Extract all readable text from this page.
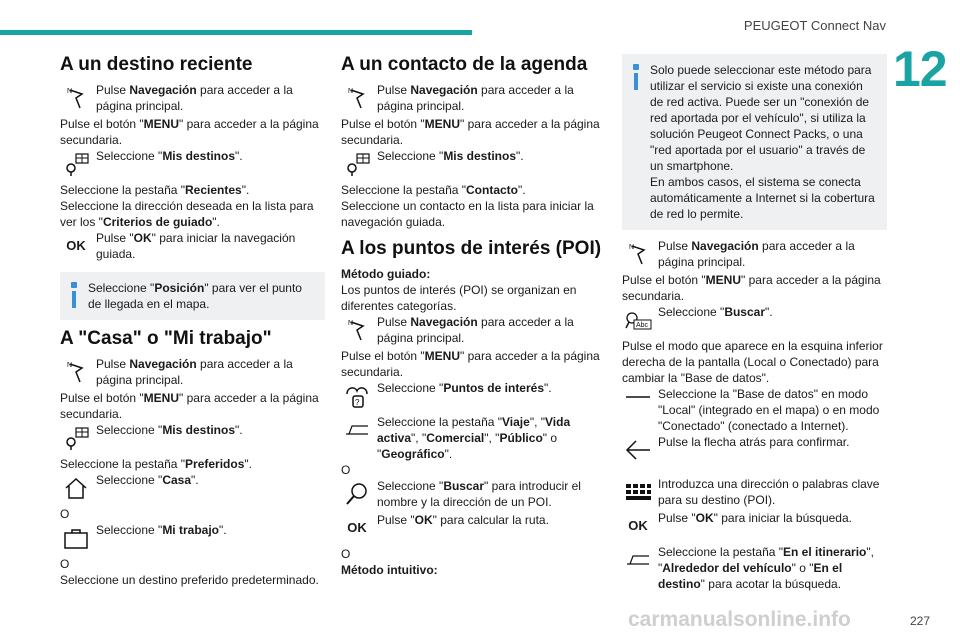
PEUGEOT Connect Nav
12
A un destino reciente
N Pulse Navegación para acceder a la página principal.

Pulse el botón "MENU" para acceder a la página secundaria.

Seleccione "Mis destinos".

Seleccione la pestaña "Recientes".

Seleccione la dirección deseada en la lista para ver los "Criterios de guiado".

OK Pulse "OK" para iniciar la navegación guiada.

Seleccione "Posición" para ver el punto de llegada en el mapa.

A "Casa" o "Mi trabajo"
N Pulse Navegación para acceder a la página principal.

Pulse el botón "MENU" para acceder a la página secundaria.

Seleccione "Mis destinos".

Seleccione la pestaña "Preferidos".

Seleccione "Casa".

O

Seleccione "Mi trabajo".

O

Seleccione un destino preferido predeterminado.

A un contacto de la agenda
N Pulse Navegación para acceder a la página principal.

Pulse el botón "MENU" para acceder a la página secundaria.

Seleccione "Mis destinos".

Seleccione la pestaña "Contacto".

Seleccione un contacto en la lista para iniciar la navegación guiada.

A los puntos de interés (POI)

Método guiado:

Los puntos de interés (POI) se organizan en diferentes categorías.

N Pulse Navegación para acceder a la página principal.

Pulse el botón "MENU" para acceder a la página secundaria.

?

Seleccione "Puntos de interés".

Seleccione la pestaña "Viaje", "Vida activa", "Comercial", "Público" o "Geográfico".

O

Seleccione "Buscar" para introducir el nombre y la dirección de un POI.

OK Pulse "OK" para calcular la ruta.

O

Método intuitivo:

Solo puede seleccionar este método para utilizar el servicio si existe una conexión de red activa. Puede ser un "conexión de red aportada por el vehículo", si utiliza la solución Peugeot Connect Packs, o una "red aportada por el usuario" a través de un smartphone.

En ambos casos, el sistema se conecta automáticamente a Internet si la cobertura de red lo permite.

N Pulse Navegación para acceder a la página principal.

Pulse el botón "MENU" para acceder a la página secundaria.

Abc

Seleccione "Buscar".

Pulse el modo que aparece en la esquina inferior derecha de la pantalla (Local o Conectado) para cambiar la "Base de datos".

Seleccione la "Base de datos" en modo "Local" (integrado en el mapa) o en modo "Conectado" (conectado a Internet).

Pulse la flecha atrás para confirmar.

Introduzca una dirección o palabras clave para su destino (POI).

OK Pulse "OK" para iniciar la búsqueda.

Seleccione la pestaña "En el itinerario", "Alrededor del vehículo" o "En el destino" para acotar la búsqueda.

carmanualsonline.info	227
